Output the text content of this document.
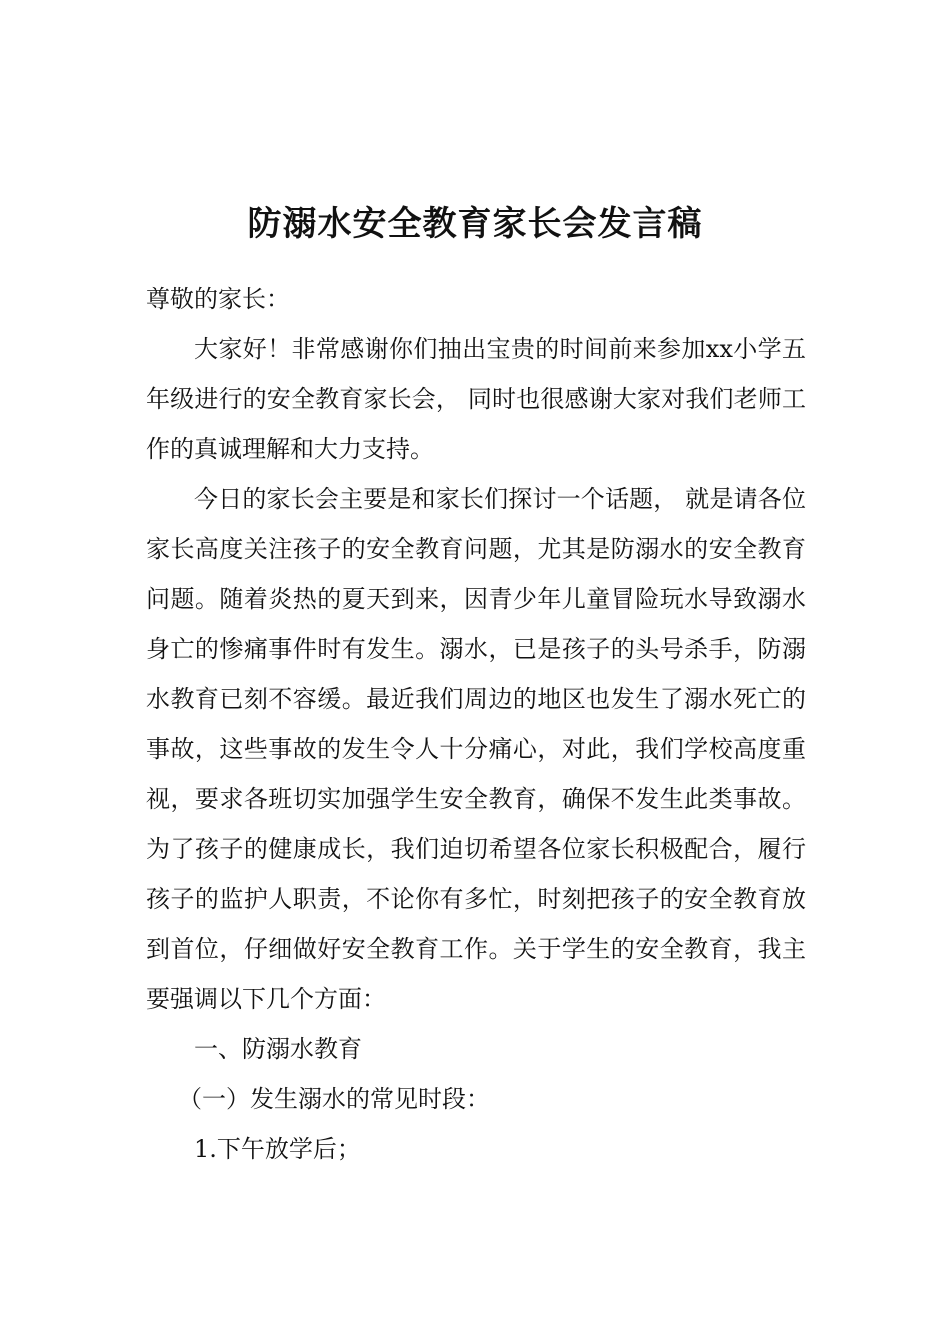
防溺水安全教育家长会发言稿

尊敬的家长：

大家好！非常感谢你们抽出宝贵的时间前来参加xx小学五年级进行的安全教育家长会， 同时也很感谢大家对我们老师工作的真诚理解和大力支持。

今日的家长会主要是和家长们探讨一个话题， 就是请各位家长高度关注孩子的安全教育问题，尤其是防溺水的安全教育问题。随着炎热的夏天到来，因青少年儿童冒险玩水导致溺水身亡的惨痛事件时有发生。溺水，已是孩子的头号杀手，防溺水教育已刻不容缓。最近我们周边的地区也发生了溺水死亡的事故，这些事故的发生令人十分痛心，对此，我们学校高度重视，要求各班切实加强学生安全教育，确保不发生此类事故。为了孩子的健康成长，我们迫切希望各位家长积极配合，履行孩子的监护人职责，不论你有多忙，时刻把孩子的安全教育放到首位，仔细做好安全教育工作。关于学生的安全教育，我主要强调以下几个方面：

一、防溺水教育

（一）发生溺水的常见时段：

1.下午放学后；
